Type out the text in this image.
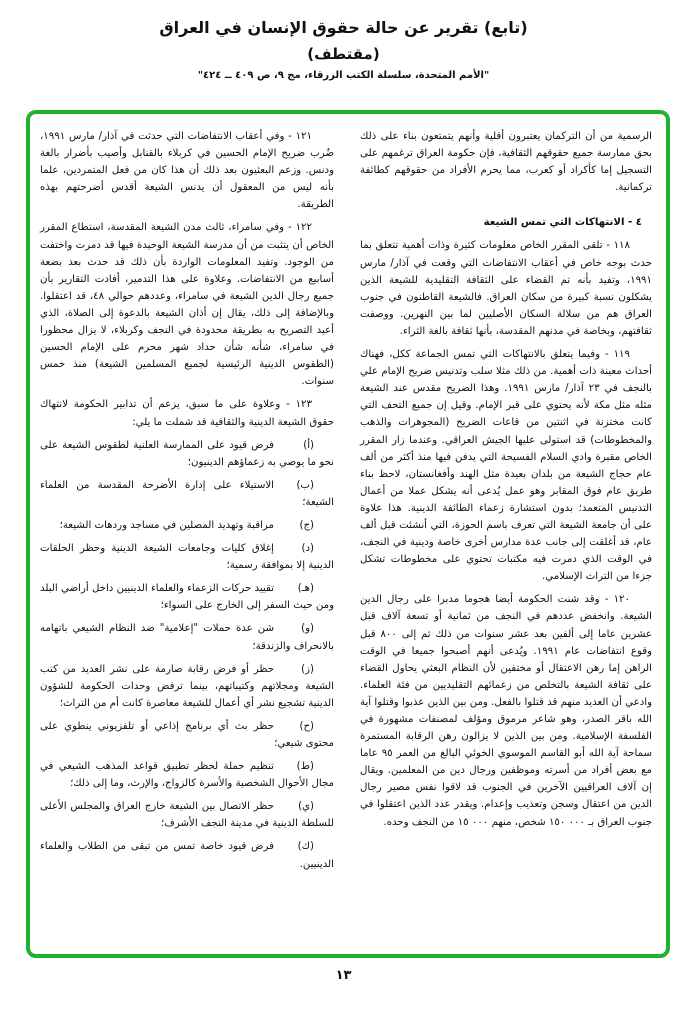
(تابع) تقرير عن حالة حقوق الإنسان في العراق
(مقتطف)
"الأمم المتحدة، سلسلة الكتب الزرقاء، مج ٩، ص ٤٠٩ ــ ٤٢٤"

الرسمية من أن التركمان يعتبرون أقلية وأنهم يتمتعون بناء على ذلك بحق ممارسة جميع حقوقهم الثقافية، فإن حكومة العراق ترغمهم على التسجيل إما كأكراد أو كعرب، مما يحرم الأفراد من حقوقهم كطائفة تركمانية.

٤ - الانتهاكات التي تمس الشيعة

١١٨ - تلقى المقرر الخاص معلومات كثيرة وذات أهمية تتعلق بما حدث بوجه خاص في أعقاب الانتفاضات التي وقعت في آذار/ مارس ١٩٩١، وتفيد بأنه تم القضاء على الثقافة التقليدية للشيعة الذين يشكلون نسبة كبيرة من سكان العراق. فالشيعة القاطنون في جنوب العراق هم من سلالة السكان الأصليين لما بين النهرين. ووصفت ثقافتهم، وبخاصة في مدنهم المقدسة، بأنها ثقافة بالغة الثراء.

١١٩ - وفيما يتعلق بالانتهاكات التي تمس الجماعة ككل، فهناك أحداث معينة ذات أهمية. من ذلك مثلا سلب وتدنيس ضريح الإمام علي بالنجف في ٢٣ آذار/ مارس ١٩٩١. وهذا الضريح مقدس عند الشيعة مثله مثل مكة لأنه يحتوي على قبر الإمام. وقيل إن جميع التحف التي كانت مختزنة في اثنتين من قاعات الضريح (المجوهرات والذهب والمخطوطات) قد استولى عليها الجيش العراقي. وعندما زار المقرر الخاص مقبرة وادي السلام الفسيحة التي يدفن فيها منذ أكثر من ألف عام حجاج الشيعة من بلدان بعيدة مثل الهند وأفغانستان، لاحظ بناء طريق عام فوق المقابر وهو عمل يُدعى أنه يشكل عملا من أعمال التدنيس المتعمد؛ بدون استشارة زعماء الطائفة الدينية. هذا علاوة على أن جامعة الشيعة التي تعرف باسم الحوزة، التي أنشئت قبل ألف عام، قد أغلقت إلى جانب عدة مدارس أخرى خاصة ودينية في النجف، في الوقت الذي دمرت فيه مكتبات تحتوي على مخطوطات تشكل جزءا من التراث الإسلامي.

١٢٠ - وقد شنت الحكومة أيضا هجوما مدبرا على رجال الدين الشيعة. وانخفض عددهم في النجف من ثمانية أو تسعة آلاف قبل عشرين عاما إلى ألفين بعد عشر سنوات من ذلك ثم إلى ٨٠٠ قبل وقوع انتفاضات عام ١٩٩١. ويُدعى أنهم أصبحوا جميعا في الوقت الراهن إما رهن الاعتقال أو مختفين لأن النظام البعثي يحاول القضاء على ثقافة الشيعة بالتخلص من زعمائهم التقليديين من فئة العلماء. وادعي أن العديد منهم قد قتلوا بالفعل. ومن بين الذين عذبوا وقتلوا آية الله باقر الصدر، وهو شاعر مرموق ومؤلف لمصنفات مشهورة في الفلسفة الإسلامية. ومن بين الذين لا يزالون رهن الرقابة المستمرة سماحة آية الله أبو القاسم الموسوي الخوئي البالغ من العمر ٩٥ عاما مع بعض أفراد من أسرته وموظفين ورجال دين من المعلمين. ويقال إن آلاف العراقيين الآخرين في الجنوب قد لاقوا نفس مصير رجال الدين من اعتقال وسجن وتعذيب وإعدام. ويقدر عدد الذين اعتقلوا في جنوب العراق بـ ٠٠٠ ١٥٠ شخص، منهم ٠٠٠ ١٥ من النجف وحده.

١٢١ - وفي أعقاب الانتفاضات التي حدثت في آذار/ مارس ١٩٩١، ضُرب ضريح الإمام الحسين في كربلاء بالقنابل وأصيب بأضرار بالغة ودنس. وزعم البعثيون بعد ذلك أن هذا كان من فعل المتمردين، علما بأنه ليس من المعقول أن يدنس الشيعة أقدس أضرحتهم بهذه الطريقة.

١٢٢ - وفي سامراء، ثالث مدن الشيعة المقدسة، استطاع المقرر الخاص أن يتثبت من أن مدرسة الشيعة الوحيدة فيها قد دمرت واختفت من الوجود. وتفيد المعلومات الواردة بأن ذلك قد حدث بعد بضعة أسابيع من الانتفاضات. وعلاوة على هذا التدمير، أفادت التقارير بأن جميع رجال الدين الشيعة في سامراء، وعددهم حوالي ٤٨، قد اعتقلوا. وبالإضافة إلى ذلك، يقال إن أذان الشيعة بالدعوة إلى الصلاة، الذي أعيد التصريح به بطريقة محدودة في النجف وكربلاء، لا يزال محظورا في سامراء، شأنه شأن حداد شهر محرم على الإمام الحسين (الطقوس الدينية الرئيسية لجميع المسلمين الشيعة) منذ خمس سنوات.

١٢٣ - وعلاوة على ما سبق، يزعم أن تدابير الحكومة لانتهاك حقوق الشيعة الدينية والثقافية قد شملت ما يلي:

(أ)فرض قيود على الممارسة العلنية لطقوس الشيعة على نحو ما يوصي به زعماؤهم الدينيون؛

(ب)الاستيلاء على إدارة الأضرحة المقدسة من العلماء الشيعة؛

(ج)مراقبة وتهديد المصلين في مساجد وردهات الشيعة؛

(د)إغلاق كليات وجامعات الشيعة الدينية وحظر الحلقات الدينية إلا بموافقة رسمية؛

(هـ)تقييد حركات الزعماء والعلماء الدينيين داخل أراضي البلد ومن حيث السفر إلى الخارج على السواء؛

(و)شن عدة حملات "إعلامية" ضد النظام الشيعي باتهامه بالانحراف والزندقة؛

(ز)حظر أو فرض رقابة صارمة على نشر العديد من كتب الشيعة ومجلاتهم وكتيباتهم، بينما ترفض وحدات الحكومة للشؤون الدينية تشجيع نشر أي أعمال للشيعة معاصرة كانت أم من التراث؛

(ح)حظر بث أي برنامج إذاعي أو تلفزيوني ينطوي على محتوى شيعي؛

(ط)تنظيم حملة لحظر تطبيق قواعد المذهب الشيعي في مجال الأحوال الشخصية والأسرة كالزواج، والإرث، وما إلى ذلك؛

(ي)حظر الاتصال بين الشيعة خارج العراق والمجلس الأعلى للسلطة الدينية في مدينة النجف الأشرف؛

(ك)فرض قيود خاصة تمس من تبقى من الطلاب والعلماء الدينيين.

١٣
